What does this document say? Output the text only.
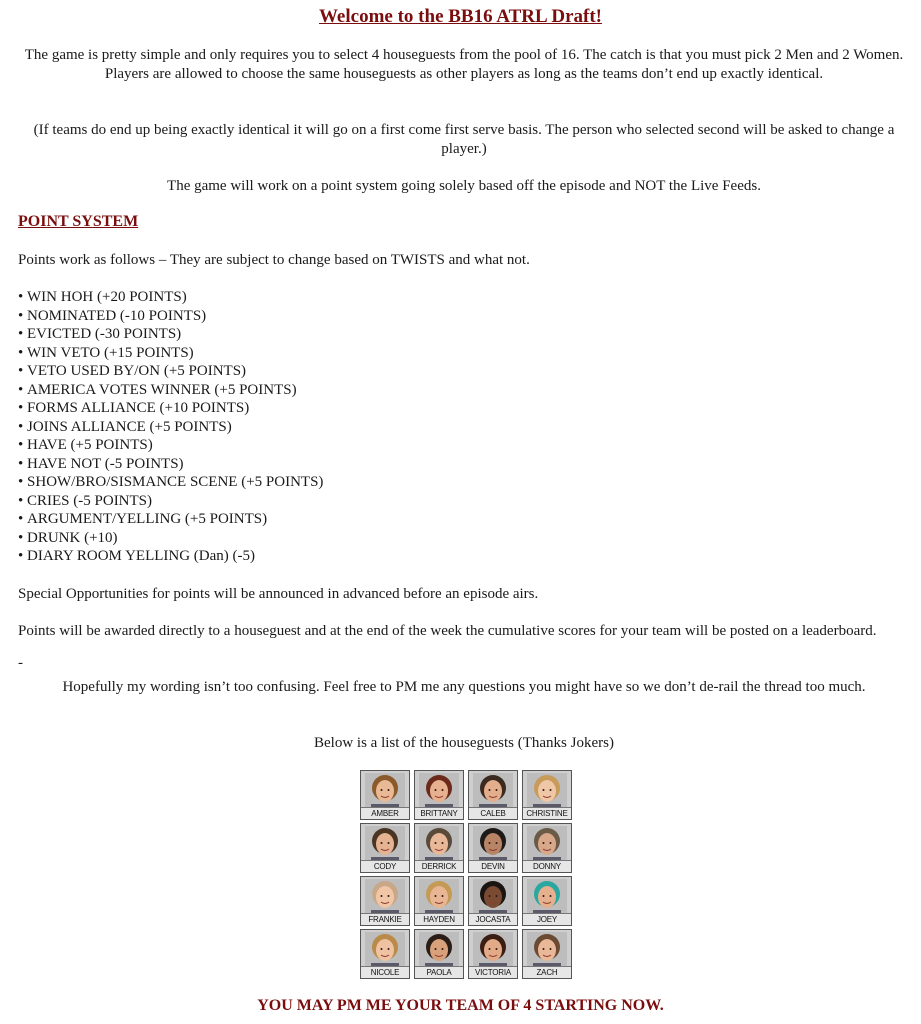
Welcome to the BB16 ATRL Draft!
The game is pretty simple and only requires you to select 4 houseguests from the pool of 16. The catch is that you must pick 2 Men and 2 Women. Players are allowed to choose the same houseguests as other players as long as the teams don’t end up exactly identical.
(If teams do end up being exactly identical it will go on a first come first serve basis. The person who selected second will be asked to change a player.)
The game will work on a point system going solely based off the episode and NOT the Live Feeds.
POINT SYSTEM
Points work as follows – They are subject to change based on TWISTS and what not.
• WIN HOH (+20 POINTS)
• NOMINATED (-10 POINTS)
• EVICTED (-30 POINTS)
• WIN VETO (+15 POINTS)
• VETO USED BY/ON (+5 POINTS)
• AMERICA VOTES WINNER (+5 POINTS)
• FORMS ALLIANCE (+10 POINTS)
• JOINS ALLIANCE (+5 POINTS)
• HAVE (+5 POINTS)
• HAVE NOT (-5 POINTS)
• SHOW/BRO/SISMANCE SCENE (+5 POINTS)
• CRIES (-5 POINTS)
• ARGUMENT/YELLING (+5 POINTS)
• DRUNK (+10)
• DIARY ROOM YELLING (Dan) (-5)
Special Opportunities for points will be announced in advanced before an episode airs.
Points will be awarded directly to a houseguest and at the end of the week the cumulative scores for your team will be posted on a leaderboard.
-
Hopefully my wording isn’t too confusing. Feel free to PM me any questions you might have so we don’t de-rail the thread too much.
Below is a list of the houseguests (Thanks Jokers)
AMBER	BRITTANY	CALEB	CHRISTINE
CODY	DERRICK	DEVIN	DONNY
FRANKIE	HAYDEN	JOCASTA	JOEY
NICOLE	PAOLA	VICTORIA	ZACH
YOU MAY PM ME YOUR TEAM OF 4 STARTING NOW.
